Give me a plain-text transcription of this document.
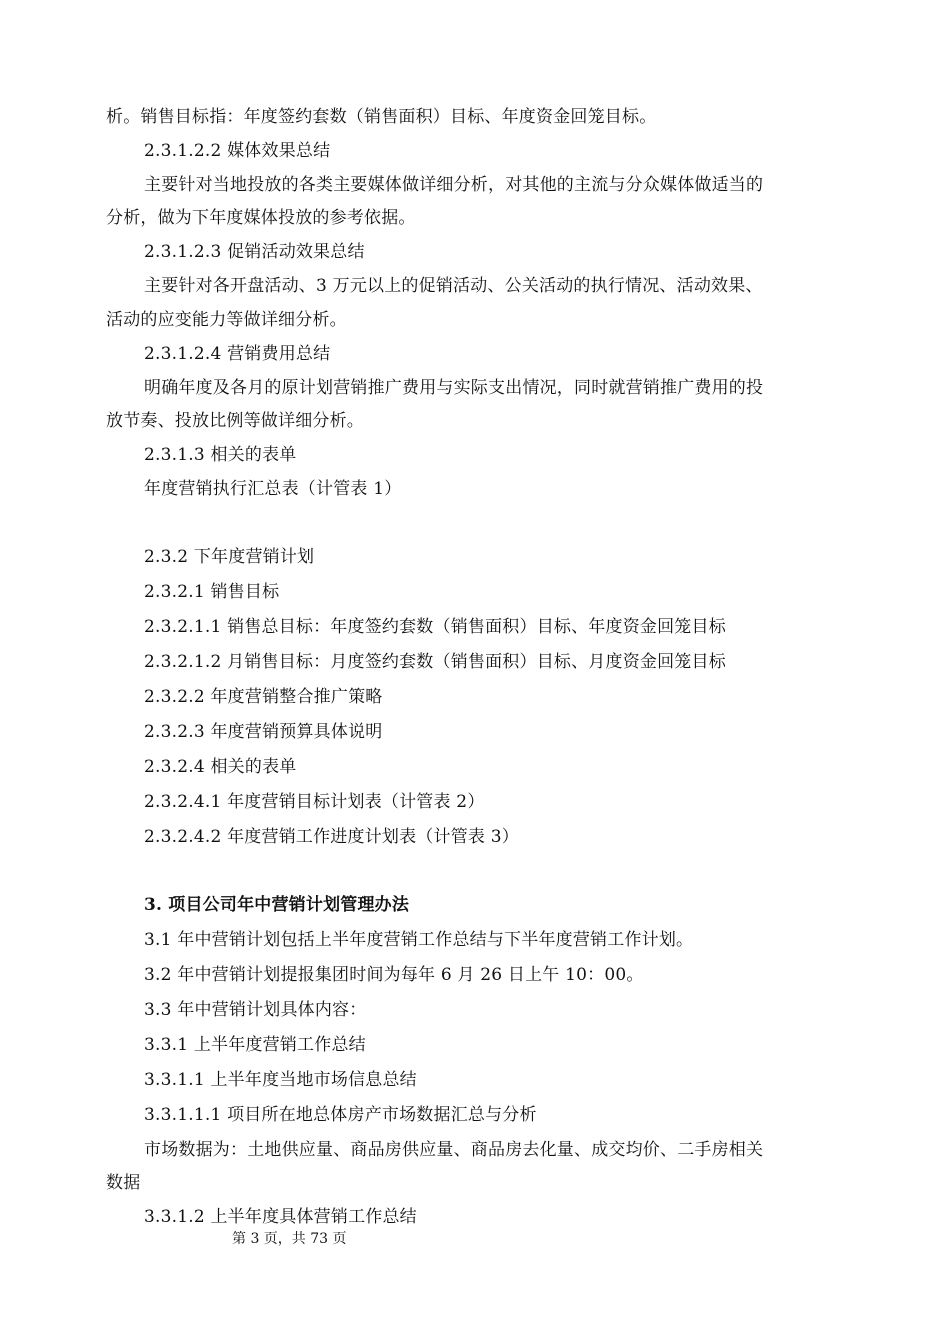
析。销售目标指：年度签约套数（销售面积）目标、年度资金回笼目标。
2.3.1.2.2 媒体效果总结
主要针对当地投放的各类主要媒体做详细分析，对其他的主流与分众媒体做适当的
分析，做为下年度媒体投放的参考依据。
2.3.1.2.3 促销活动效果总结
主要针对各开盘活动、3 万元以上的促销活动、公关活动的执行情况、活动效果、
活动的应变能力等做详细分析。
2.3.1.2.4 营销费用总结
明确年度及各月的原计划营销推广费用与实际支出情况，同时就营销推广费用的投
放节奏、投放比例等做详细分析。
2.3.1.3 相关的表单
年度营销执行汇总表（计管表 1）
2.3.2 下年度营销计划
2.3.2.1 销售目标
2.3.2.1.1 销售总目标：年度签约套数（销售面积）目标、年度资金回笼目标
2.3.2.1.2 月销售目标：月度签约套数（销售面积）目标、月度资金回笼目标
2.3.2.2 年度营销整合推广策略
2.3.2.3 年度营销预算具体说明
2.3.2.4 相关的表单
2.3.2.4.1 年度营销目标计划表（计管表 2）
2.3.2.4.2 年度营销工作进度计划表（计管表 3）
3. 项目公司年中营销计划管理办法
3.1 年中营销计划包括上半年度营销工作总结与下半年度营销工作计划。
3.2 年中营销计划提报集团时间为每年 6 月 26 日上午 10：00。
3.3 年中营销计划具体内容：
3.3.1 上半年度营销工作总结
3.3.1.1 上半年度当地市场信息总结
3.3.1.1.1 项目所在地总体房产市场数据汇总与分析
市场数据为：土地供应量、商品房供应量、商品房去化量、成交均价、二手房相关
数据
3.3.1.2 上半年度具体营销工作总结
第 3 页，共 73 页
